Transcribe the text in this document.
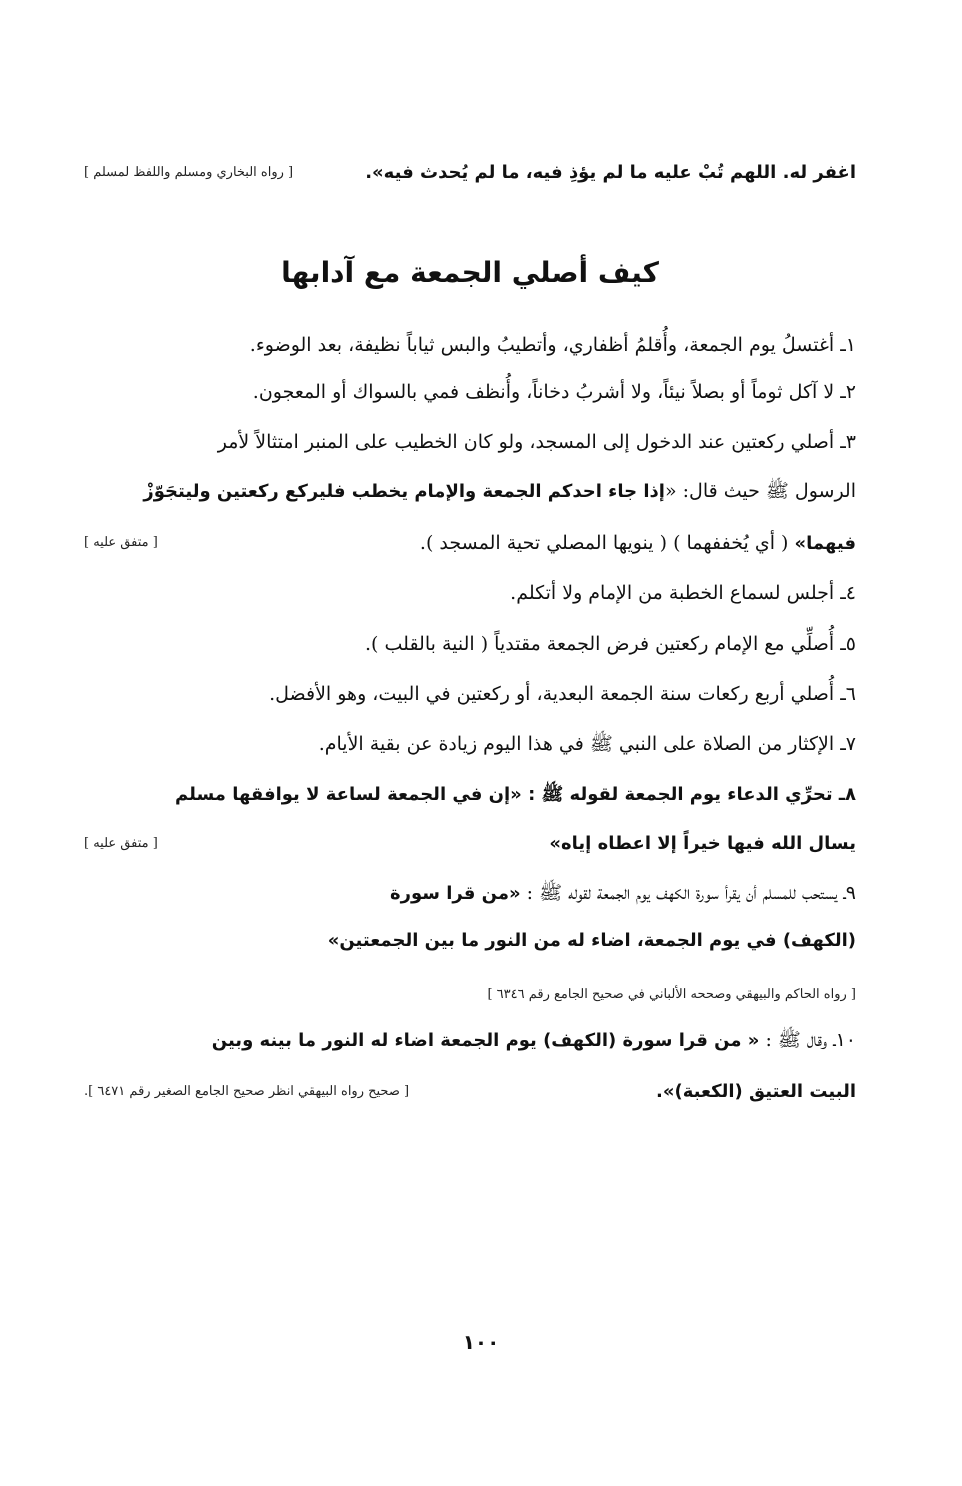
اغفر له. اللهم تُبْ عليه ما لم يؤذِ فيه، ما لم يُحدث فيه».
[ رواه البخاري ومسلم واللفظ لمسلم ]
كيف أصلي الجمعة مع آدابها
١ـ أغتسلُ يوم الجمعة، وأُقلمُ أظفاري، وأتطيبُ والبس ثياباً نظيفة، بعد الوضوء.
٢ـ لا آكل ثوماً أو بصلاً نيئاً، ولا أشربُ دخاناً، وأُنظف فمي بالسواك أو المعجون.
٣ـ أصلي ركعتين عند الدخول إلى المسجد، ولو كان الخطيب على المنبر امتثالاً لأمر
الرسول ﷺ حيث قال: «إذا جاء احدكم الجمعة والإمام يخطب فليركع ركعتين وليتجَوّزْ
فيهما» ( أي يُخففهما ) ( ينويها المصلي تحية المسجد ).
[ متفق عليه ]
٤ـ أجلس لسماع الخطبة من الإمام ولا أتكلم.
٥ـ أُصلِّي مع الإمام ركعتين فرض الجمعة مقتدياً ( النية بالقلب ).
٦ـ أُصلي أربع ركعات سنة الجمعة البعدية، أو ركعتين في البيت، وهو الأفضل.
٧ـ الإكثار من الصلاة على النبي ﷺ في هذا اليوم زيادة عن بقية الأيام.
٨ـ تحرِّي الدعاء يوم الجمعة لقوله ﷺ : «إن في الجمعة لساعة لا يوافقها مسلم
يسال الله فيها خيراً إلا اعطاه إياه»
[ متفق عليه ]
٩ـ يستحب للمسلم أن يقرأ سورة الكهف يوم الجمعة لقوله ﷺ : «من قرا سورة
(الكهف) في يوم الجمعة، اضاء له من النور ما بين الجمعتين»
[ رواه الحاكم والبيهقي وصححه الألباني في صحيح الجامع رقم ٦٣٤٦ ]
١٠ـ وقال ﷺ : « من قرا سورة (الكهف) يوم الجمعة اضاء له النور ما بينه وبين
البيت العتيق (الكعبة)».
[ صحيح رواه البيهقي انظر صحيح الجامع الصغير رقم ٦٤٧١ ].
١٠٠
